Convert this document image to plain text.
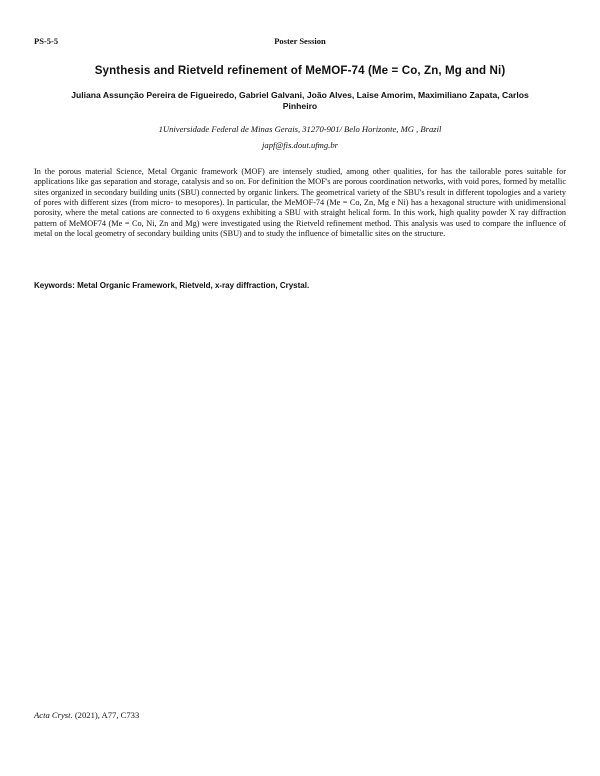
PS-5-5	Poster Session
Synthesis and Rietveld refinement of MeMOF-74 (Me = Co, Zn, Mg and Ni)
Juliana Assunção Pereira de Figueiredo, Gabriel Galvani, João Alves, Laise Amorim, Maximiliano Zapata, Carlos Pinheiro
1Universidade Federal de Minas Gerais, 31270-901/ Belo Horizonte, MG , Brazil
japf@fis.dout.ufmg.br

In the porous material Science, Metal Organic framework (MOF) are intensely studied, among other qualities, for has the tailorable pores suitable for applications like gas separation and storage, catalysis and so on. For definition the MOF's are porous coordination networks, with void pores, formed by metallic sites organized in secondary building units (SBU) connected by organic linkers. The geometrical variety of the SBU's result in different topologies and a variety of pores with different sizes (from micro- to mesopores). In particular, the MeMOF-74 (Me = Co, Zn, Mg e Ni) has a hexagonal structure with unidimensional porosity, where the metal cations are connected to 6 oxygens exhibiting a SBU with straight helical form. In this work, high quality powder X ray diffraction pattern of MeMOF74 (Me = Co, Ni, Zn and Mg) were investigated using the Rietveld refinement method. This analysis was used to compare the influence of metal on the local geometry of secondary building units (SBU) and to study the influence of bimetallic sites on the structure.

Keywords: Metal Organic Framework, Rietveld, x-ray diffraction, Crystal.
Acta Cryst. (2021), A77, C733
